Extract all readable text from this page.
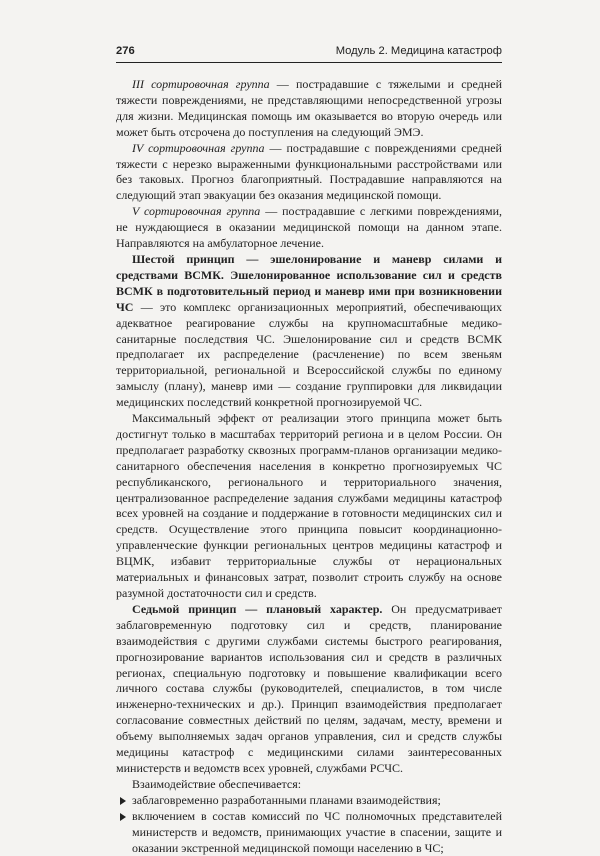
276	Модуль 2. Медицина катастроф

III сортировочная группа — пострадавшие с тяжелыми и средней тяжести повреждениями, не представляющими непосредственной угрозы для жизни. Медицинская помощь им оказывается во вторую очередь или может быть отсрочена до поступления на следующий ЭМЭ.

IV сортировочная группа — пострадавшие с повреждениями средней тяжести с нерезко выраженными функциональными расстройствами или без таковых. Прогноз благоприятный. Пострадавшие направляются на следующий этап эвакуации без оказания медицинской помощи.

V сортировочная группа — пострадавшие с легкими повреждениями, не нуждающиеся в оказании медицинской помощи на данном этапе. Направляются на амбулаторное лечение.

Шестой принцип — эшелонирование и маневр силами и средствами ВСМК. Эшелонированное использование сил и средств ВСМК в подготовительный период и маневр ими при возникновении ЧС — это комплекс организационных мероприятий, обеспечивающих адекватное реагирование службы на крупномасштабные медико-санитарные последствия ЧС. Эшелонирование сил и средств ВСМК предполагает их распределение (расчленение) по всем звеньям территориальной, региональной и Всероссийской службы по единому замыслу (плану), маневр ими — создание группировки для ликвидации медицинских последствий конкретной прогнозируемой ЧС.

Максимальный эффект от реализации этого принципа может быть достигнут только в масштабах территорий региона и в целом России. Он предполагает разработку сквозных программ-планов организации медико-санитарного обеспечения населения в конкретно прогнозируемых ЧС республиканского, регионального и территориального значения, централизованное распределение задания службами медицины катастроф всех уровней на создание и поддержание в готовности медицинских сил и средств. Осуществление этого принципа повысит координационно-управленческие функции региональных центров медицины катастроф и ВЦМК, избавит территориальные службы от нерациональных материальных и финансовых затрат, позволит строить службу на основе разумной достаточности сил и средств.

Седьмой принцип — плановый характер. Он предусматривает заблаговременную подготовку сил и средств, планирование взаимодействия с другими службами системы быстрого реагирования, прогнозирование вариантов использования сил и средств в различных регионах, специальную подготовку и повышение квалификации всего личного состава службы (руководителей, специалистов, в том числе инженерно-технических и др.). Принцип взаимодействия предполагает согласование совместных действий по целям, задачам, месту, времени и объему выполняемых задач органов управления, сил и средств службы медицины катастроф с медицинскими силами заинтересованных министерств и ведомств всех уровней, службами РСЧС.

Взаимодействие обеспечивается:

заблаговременно разработанными планами взаимодействия;
включением в состав комиссий по ЧС полномочных представителей министерств и ведомств, принимающих участие в спасении, защите и оказании экстренной медицинской помощи населению в ЧС;
